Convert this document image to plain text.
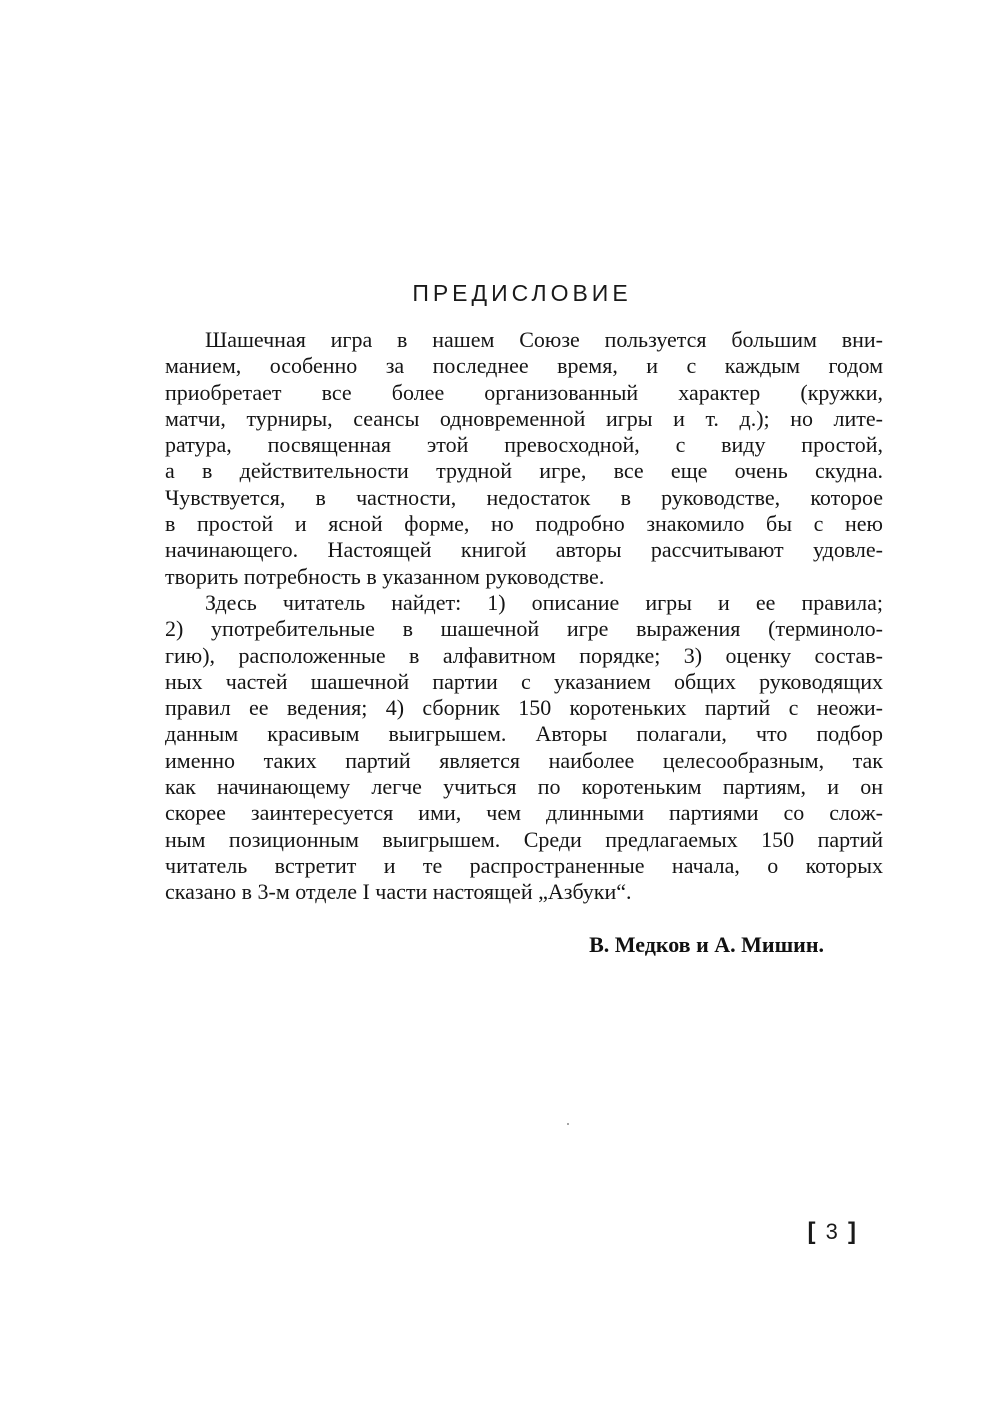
ПРЕДИСЛОВИЕ
Шашечная игра в нашем Союзе пользуется большим вни-
манием, особенно за последнее время, и с каждым годом
приобретает все более организованный характер (кружки,
матчи, турниры, сеансы одновременной игры и т. д.); но лите-
ратура, посвященная этой превосходной, с виду простой,
а в действительности трудной игре, все еще очень скудна.
Чувствуется, в частности, недостаток в руководстве, которое
в простой и ясной форме, но подробно знакомило бы с нею
начинающего. Настоящей книгой авторы рассчитывают удовле-
творить потребность в указанном руководстве.
Здесь читатель найдет: 1) описание игры и ее правила;
2) употребительные в шашечной игре выражения (терминоло-
гию), расположенные в алфавитном порядке; 3) оценку состав-
ных частей шашечной партии с указанием общих руководящих
правил ее ведения; 4) сборник 150 коротеньких партий с неожи-
данным красивым выигрышем. Авторы полагали, что подбор
именно таких партий является наиболее целесообразным, так
как начинающему легче учиться по коротеньким партиям, и он
скорее заинтересуется ими, чем длинными партиями со слож-
ным позиционным выигрышем. Среди предлагаемых 150 партий
читатель встретит и те распространенные начала, о которых
сказано в 3-м отделе I части настоящей „Азбуки“.
В. Медков и А. Мишин.
[ 3 ]
